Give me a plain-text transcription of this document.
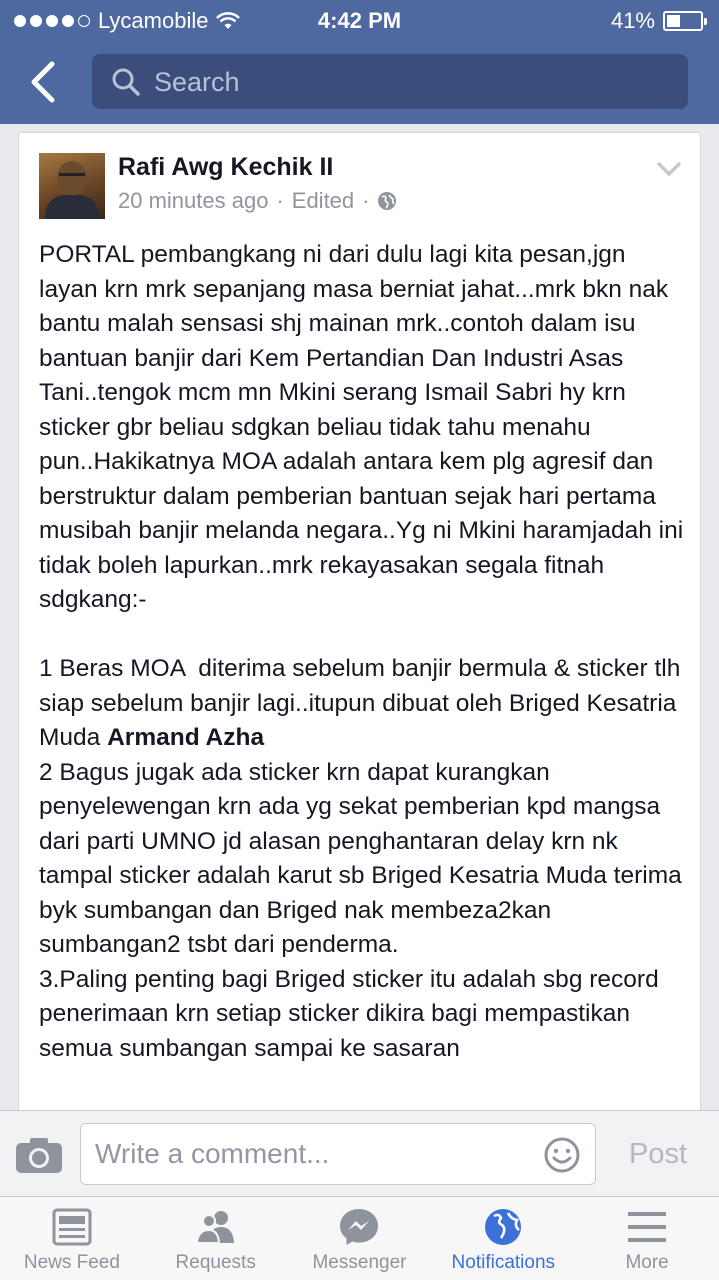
Lycamobile	4:42 PM	41%
Search
Rafi Awg Kechik II
20 minutes ago · Edited ·
PORTAL pembangkang ni dari dulu lagi kita pesan,jgn layan krn mrk sepanjang masa berniat jahat...mrk bkn nak bantu malah sensasi shj mainan mrk..contoh dalam isu bantuan banjir dari Kem Pertandian Dan Industri Asas Tani..tengok mcm mn Mkini serang Ismail Sabri hy krn sticker gbr beliau sdgkan beliau tidak tahu menahu pun..Hakikatnya MOA adalah antara kem plg agresif dan berstruktur dalam pemberian bantuan sejak hari pertama musibah banjir melanda negara..Yg ni Mkini haramjadah ini tidak boleh lapurkan..mrk rekayasakan segala fitnah sdgkang:-
1 Beras MOA  diterima sebelum banjir bermula & sticker tlh siap sebelum banjir lagi..itupun dibuat oleh Briged Kesatria Muda Armand Azha
2 Bagus jugak ada sticker krn dapat kurangkan penyelewengan krn ada yg sekat pemberian kpd mangsa dari parti UMNO jd alasan penghantaran delay krn nk tampal sticker adalah karut sb Briged Kesatria Muda terima byk sumbangan dan Briged nak membeza2kan sumbangan2 tsbt dari penderma.
3.Paling penting bagi Briged sticker itu adalah sbg record penerimaan krn setiap sticker dikira bagi mempastikan semua sumbangan sampai ke sasaran
Write a comment...
Post
News Feed	Requests	Messenger	Notifications	More
